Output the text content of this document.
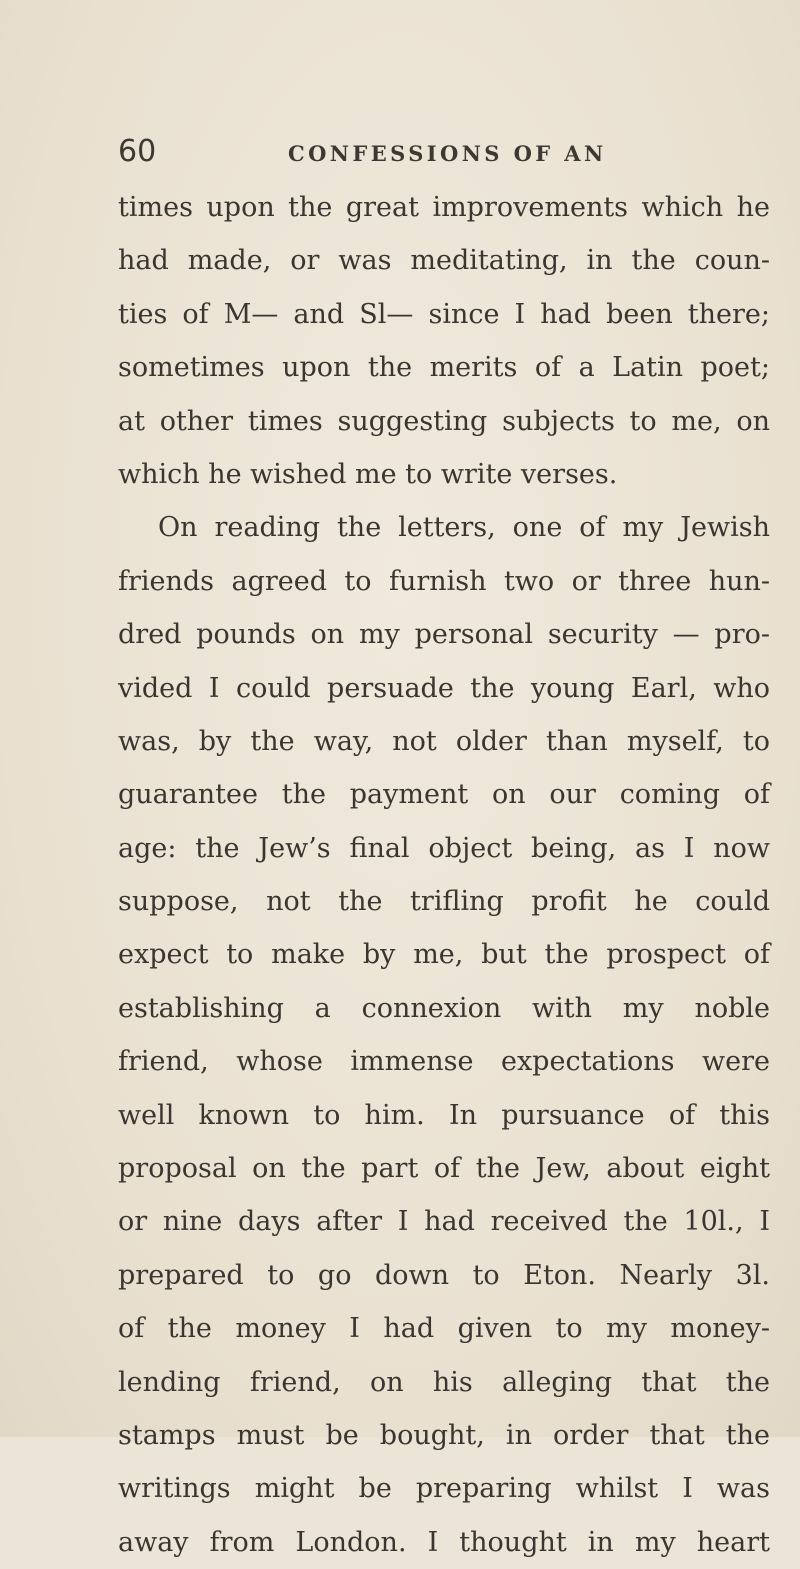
60	CONFESSIONS OF AN
times upon the great improvements which he
had made, or was meditating, in the coun-
ties of M— and Sl— since I had been there;
sometimes upon the merits of a Latin poet;
at other times suggesting subjects to me, on
which he wished me to write verses.
On reading the letters, one of my Jewish
friends agreed to furnish two or three hun-
dred pounds on my personal security — pro-
vided I could persuade the young Earl, who
was, by the way, not older than myself, to
guarantee the payment on our coming of
age: the Jew’s final object being, as I now
suppose, not the trifling profit he could
expect to make by me, but the prospect of
establishing a connexion with my noble
friend, whose immense expectations were
well known to him. In pursuance of this
proposal on the part of the Jew, about eight
or nine days after I had received the 10l., I
prepared to go down to Eton. Nearly 3l.
of the money I had given to my money-
lending friend, on his alleging that the
stamps must be bought, in order that the
writings might be preparing whilst I was
away from London. I thought in my heart
